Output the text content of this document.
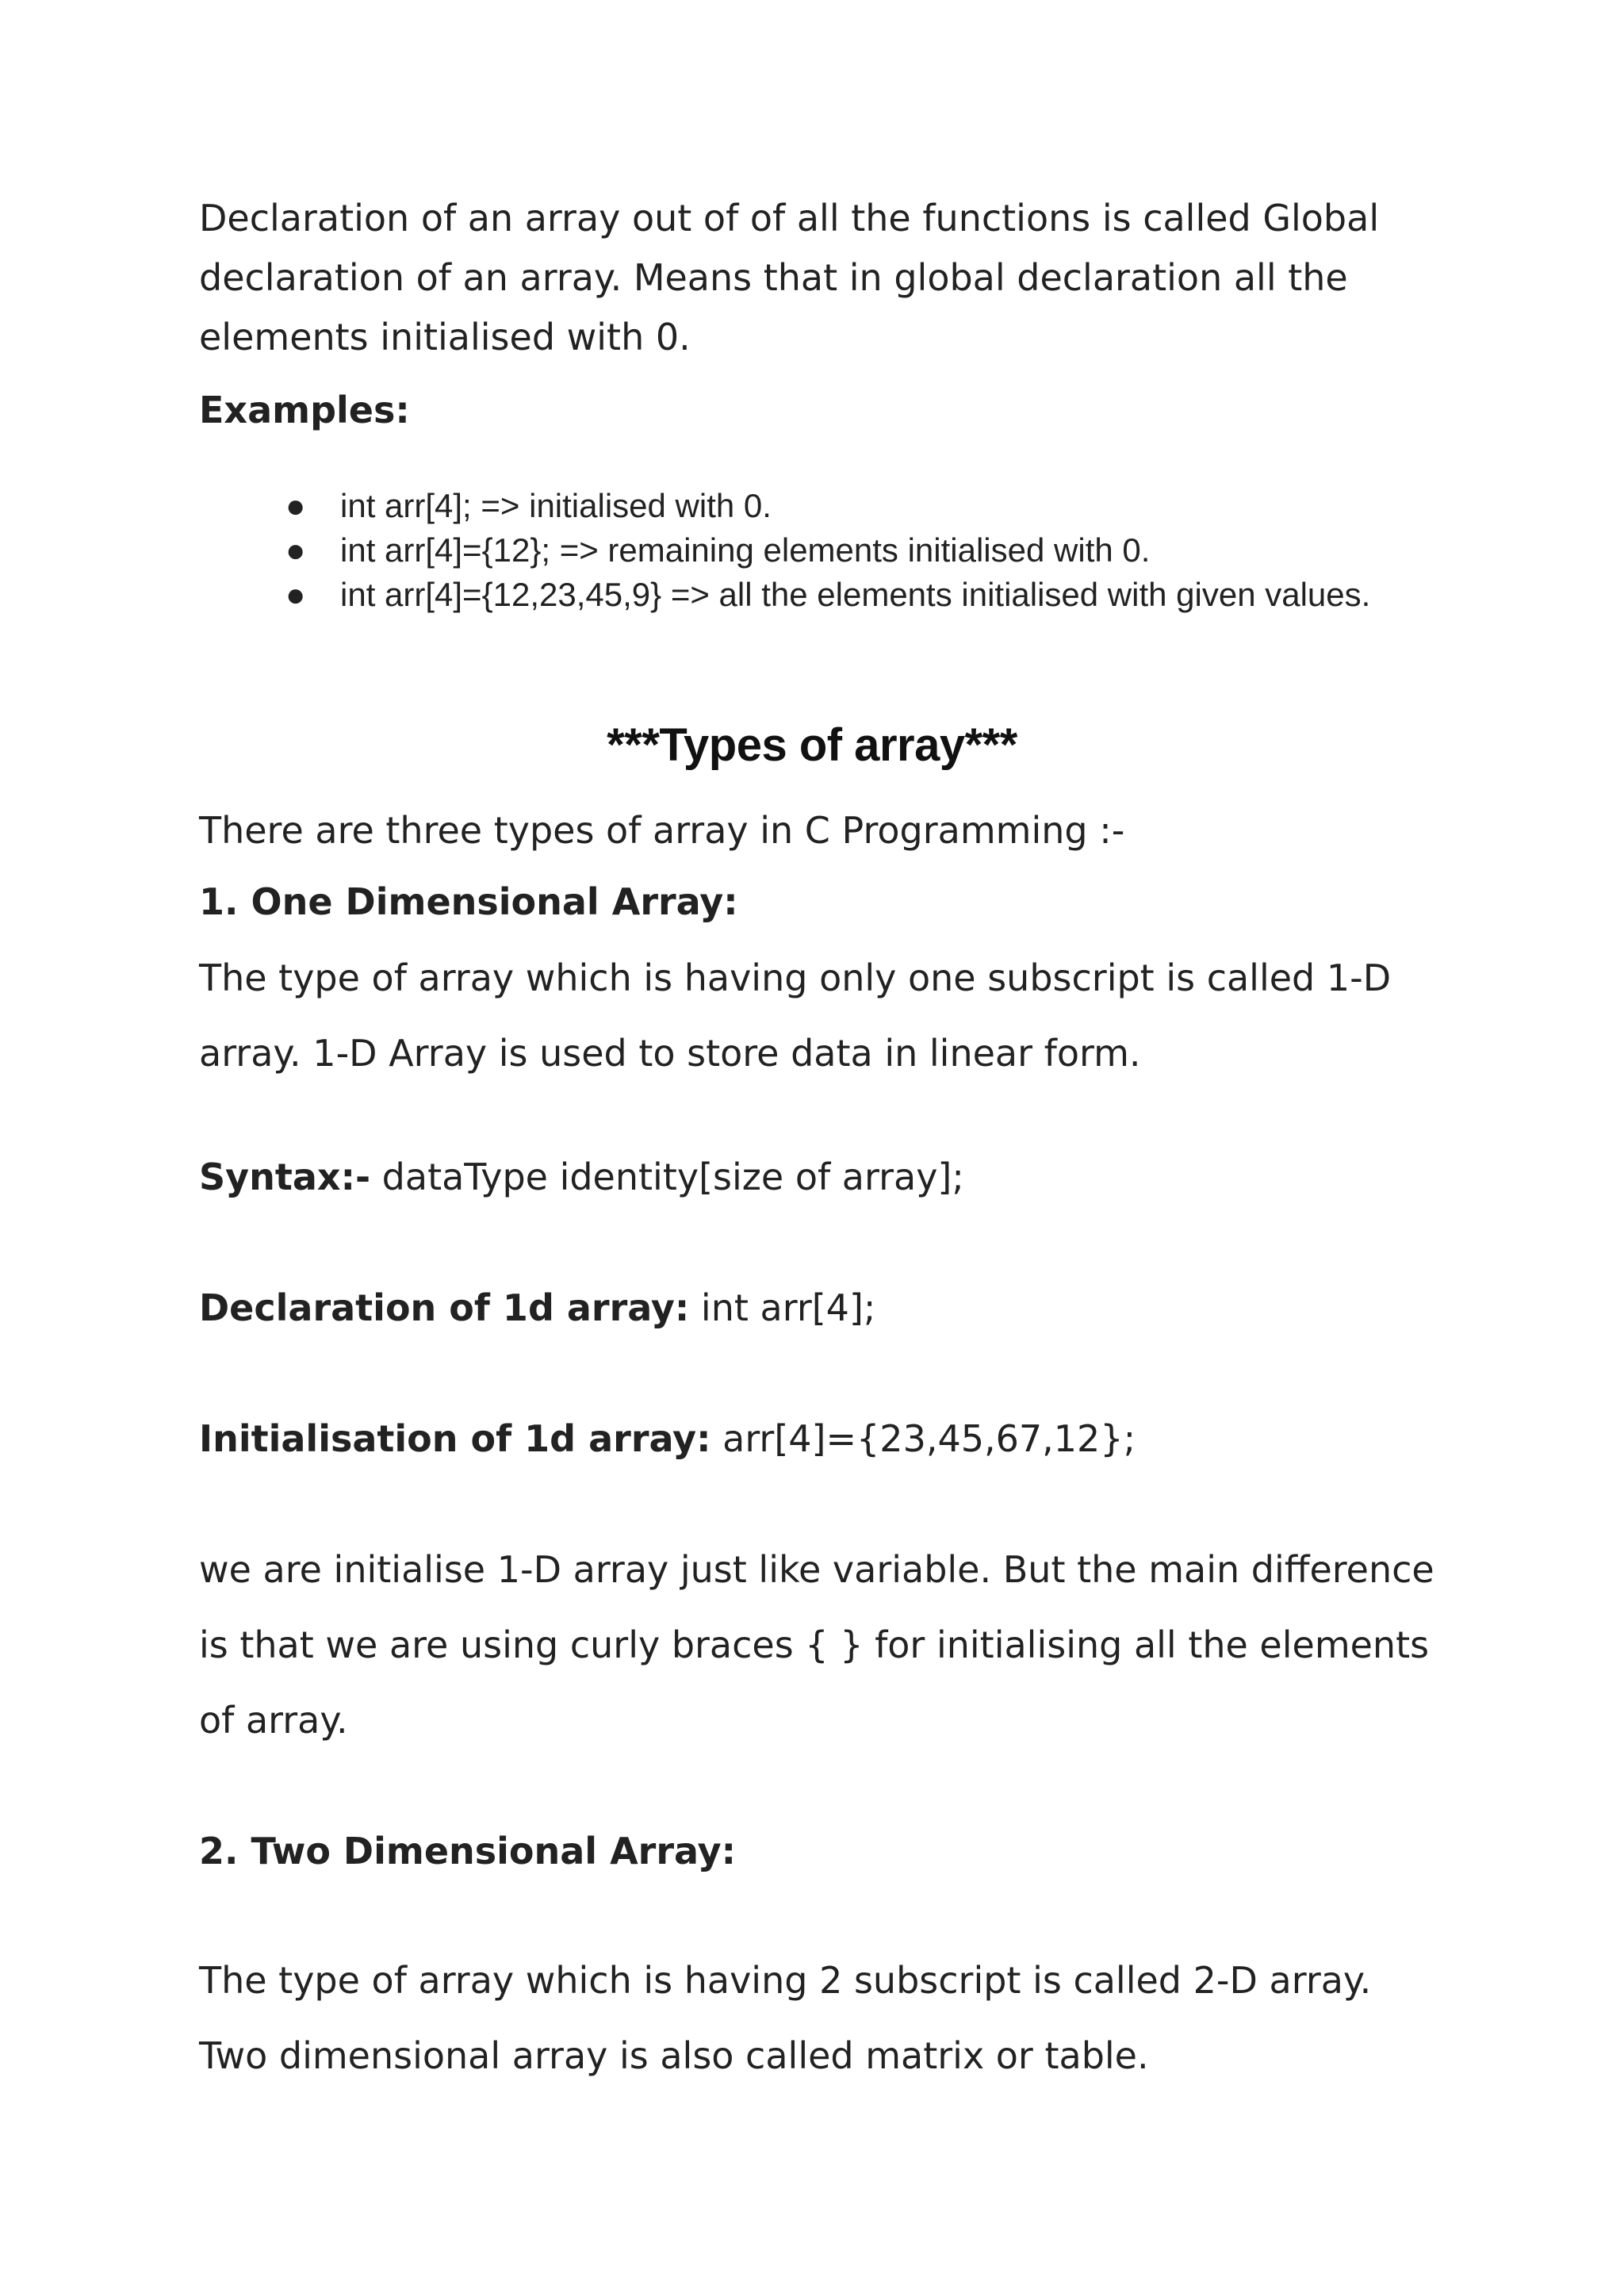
Declaration of an array out of of all the functions is called Global
declaration of an array. Means that in global declaration all the
elements initialised with 0.

Examples:

● int arr[4]; => initialised with 0.
● int arr[4]={12}; => remaining elements initialised with 0.
● int arr[4]={12,23,45,9} => all the elements initialised with given values.
***Types of array***

There are three types of array in C Programming :-

1. One Dimensional Array:

The type of array which is having only one subscript is called 1-D
array. 1-D Array is used to store data in linear form.

Syntax:- dataType identity[size of array];

Declaration of 1d array: int arr[4];

Initialisation of 1d array: arr[4]={23,45,67,12};

we are initialise 1-D array just like variable. But the main difference
is that we are using curly braces { } for initialising all the elements
of array.

2. Two Dimensional Array:

The type of array which is having 2 subscript is called 2-D array.
Two dimensional array is also called matrix or table.
